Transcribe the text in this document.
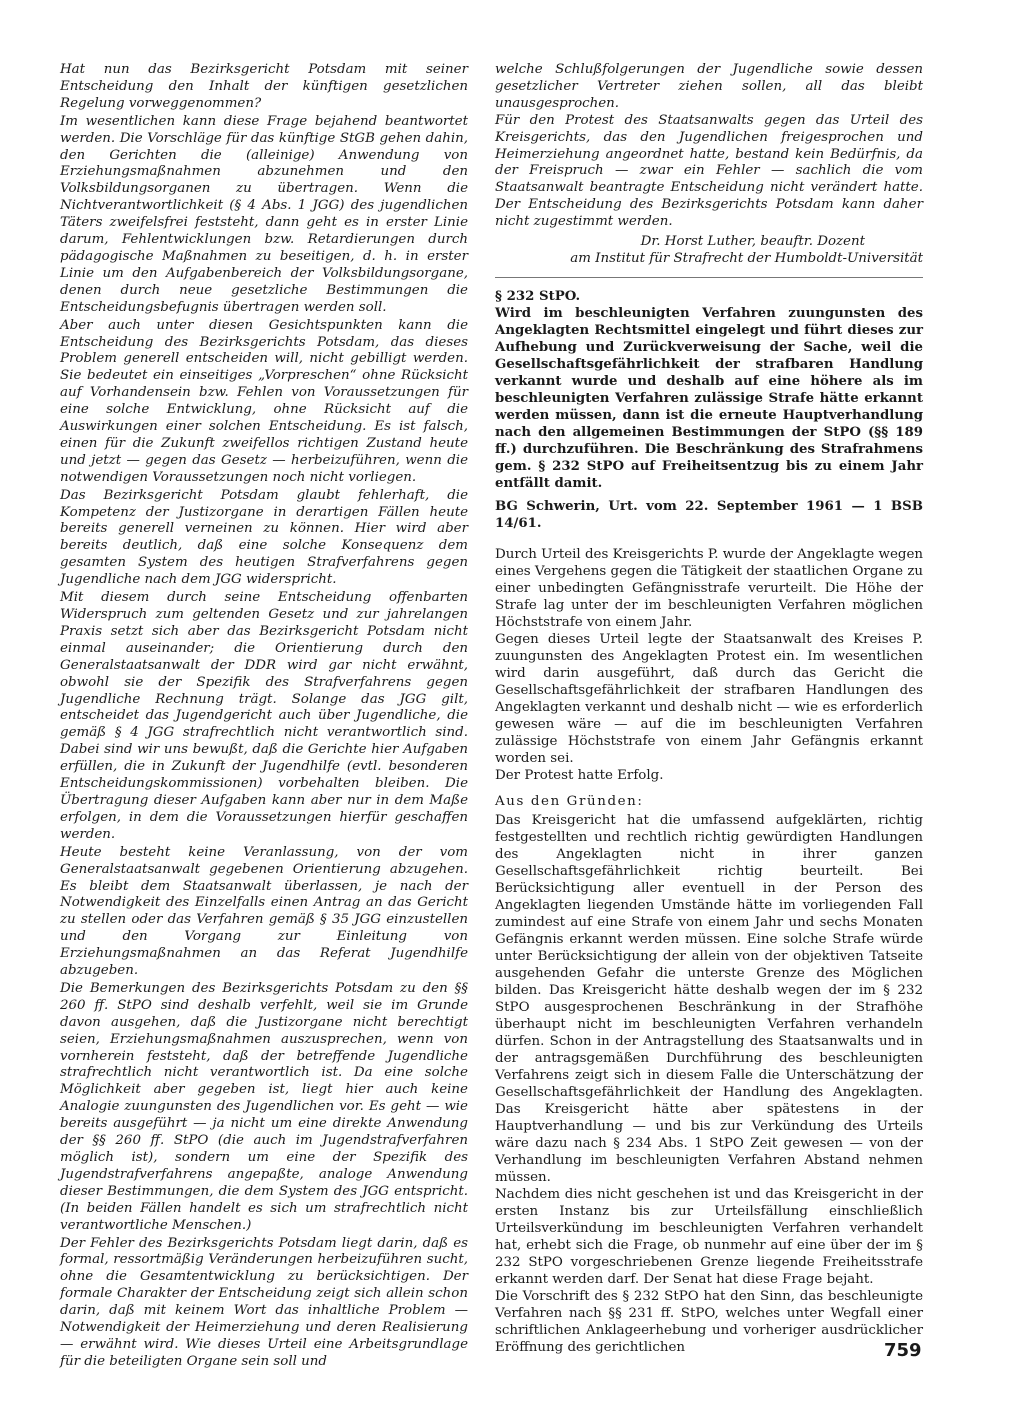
Hat nun das Bezirksgericht Potsdam mit seiner Entscheidung den Inhalt der künftigen gesetzlichen Regelung vorweggenommen?

Im wesentlichen kann diese Frage bejahend beantwortet werden. Die Vorschläge für das künftige StGB gehen dahin, den Gerichten die (alleinige) Anwendung von Erziehungsmaßnahmen abzunehmen und den Volksbildungsorganen zu übertragen. Wenn die Nichtverantwortlichkeit (§ 4 Abs. 1 JGG) des jugendlichen Täters zweifelsfrei feststeht, dann geht es in erster Linie darum, Fehlentwicklungen bzw. Retardierungen durch pädagogische Maßnahmen zu beseitigen, d. h. in erster Linie um den Aufgabenbereich der Volksbildungsorgane, denen durch neue gesetzliche Bestimmungen die Entscheidungsbefugnis übertragen werden soll.

Aber auch unter diesen Gesichtspunkten kann die Entscheidung des Bezirksgerichts Potsdam, das dieses Problem generell entscheiden will, nicht gebilligt werden. Sie bedeutet ein einseitiges „Vorpreschen“ ohne Rücksicht auf Vorhandensein bzw. Fehlen von Voraussetzungen für eine solche Entwicklung, ohne Rücksicht auf die Auswirkungen einer solchen Entscheidung. Es ist falsch, einen für die Zukunft zweifellos richtigen Zustand heute und jetzt — gegen das Gesetz — herbeizuführen, wenn die notwendigen Voraussetzungen noch nicht vorliegen.

Das Bezirksgericht Potsdam glaubt fehlerhaft, die Kompetenz der Justizorgane in derartigen Fällen heute bereits generell verneinen zu können. Hier wird aber bereits deutlich, daß eine solche Konsequenz dem gesamten System des heutigen Strafverfahrens gegen Jugendliche nach dem JGG widerspricht.

Mit diesem durch seine Entscheidung offenbarten Widerspruch zum geltenden Gesetz und zur jahrelangen Praxis setzt sich aber das Bezirksgericht Potsdam nicht einmal auseinander; die Orientierung durch den Generalstaatsanwalt der DDR wird gar nicht erwähnt, obwohl sie der Spezifik des Strafverfahrens gegen Jugendliche Rechnung trägt. Solange das JGG gilt, entscheidet das Jugendgericht auch über Jugendliche, die gemäß § 4 JGG strafrechtlich nicht verantwortlich sind. Dabei sind wir uns bewußt, daß die Gerichte hier Aufgaben erfüllen, die in Zukunft der Jugendhilfe (evtl. besonderen Entscheidungskommissionen) vorbehalten bleiben. Die Übertragung dieser Aufgaben kann aber nur in dem Maße erfolgen, in dem die Voraussetzungen hierfür geschaffen werden.

Heute besteht keine Veranlassung, von der vom Generalstaatsanwalt gegebenen Orientierung abzugehen. Es bleibt dem Staatsanwalt überlassen, je nach der Notwendigkeit des Einzelfalls einen Antrag an das Gericht zu stellen oder das Verfahren gemäß § 35 JGG einzustellen und den Vorgang zur Einleitung von Erziehungsmaßnahmen an das Referat Jugendhilfe abzugeben.

Die Bemerkungen des Bezirksgerichts Potsdam zu den §§ 260 ff. StPO sind deshalb verfehlt, weil sie im Grunde davon ausgehen, daß die Justizorgane nicht berechtigt seien, Erziehungsmaßnahmen auszusprechen, wenn von vornherein feststeht, daß der betreffende Jugendliche strafrechtlich nicht verantwortlich ist. Da eine solche Möglichkeit aber gegeben ist, liegt hier auch keine Analogie zuungunsten des Jugendlichen vor. Es geht — wie bereits ausgeführt — ja nicht um eine direkte Anwendung der §§ 260 ff. StPO (die auch im Jugendstrafverfahren möglich ist), sondern um eine der Spezifik des Jugendstrafverfahrens angepaßte, analoge Anwendung dieser Bestimmungen, die dem System des JGG entspricht. (In beiden Fällen handelt es sich um strafrechtlich nicht verantwortliche Menschen.)

Der Fehler des Bezirksgerichts Potsdam liegt darin, daß es formal, ressortmäßig Veränderungen herbeizuführen sucht, ohne die Gesamtentwicklung zu berücksichtigen. Der formale Charakter der Entscheidung zeigt sich allein schon darin, daß mit keinem Wort das inhaltliche Problem — Notwendigkeit der Heimerziehung und deren Realisierung — erwähnt wird. Wie dieses Urteil eine Arbeitsgrundlage für die beteiligten Organe sein soll und

welche Schlußfolgerungen der Jugendliche sowie dessen gesetzlicher Vertreter ziehen sollen, all das bleibt unausgesprochen.

Für den Protest des Staatsanwalts gegen das Urteil des Kreisgerichts, das den Jugendlichen freigesprochen und Heimerziehung angeordnet hatte, bestand kein Bedürfnis, da der Freispruch — zwar ein Fehler — sachlich die vom Staatsanwalt beantragte Entscheidung nicht verändert hatte. Der Entscheidung des Bezirksgerichts Potsdam kann daher nicht zugestimmt werden.

Dr. Horst Luther, beauftr. Dozent
am Institut für Strafrecht der Humboldt-Universität

§ 232 StPO.

Wird im beschleunigten Verfahren zuungunsten des Angeklagten Rechtsmittel eingelegt und führt dieses zur Aufhebung und Zurückverweisung der Sache, weil die Gesellschaftsgefährlichkeit der strafbaren Handlung verkannt wurde und deshalb auf eine höhere als im beschleunigten Verfahren zulässige Strafe hätte erkannt werden müssen, dann ist die erneute Hauptverhandlung nach den allgemeinen Bestimmungen der StPO (§§ 189 ff.) durchzuführen. Die Beschränkung des Strafrahmens gem. § 232 StPO auf Freiheitsentzug bis zu einem Jahr entfällt damit.

BG Schwerin, Urt. vom 22. September 1961 — 1 BSB 14/61.

Durch Urteil des Kreisgerichts P. wurde der Angeklagte wegen eines Vergehens gegen die Tätigkeit der staatlichen Organe zu einer unbedingten Gefängnisstrafe verurteilt. Die Höhe der Strafe lag unter der im beschleunigten Verfahren möglichen Höchststrafe von einem Jahr.

Gegen dieses Urteil legte der Staatsanwalt des Kreises P. zuungunsten des Angeklagten Protest ein. Im wesentlichen wird darin ausgeführt, daß durch das Gericht die Gesellschaftsgefährlichkeit der strafbaren Handlungen des Angeklagten verkannt und deshalb nicht — wie es erforderlich gewesen wäre — auf die im beschleunigten Verfahren zulässige Höchststrafe von einem Jahr Gefängnis erkannt worden sei.

Der Protest hatte Erfolg.

Aus den Gründen:

Das Kreisgericht hat die umfassend aufgeklärten, richtig festgestellten und rechtlich richtig gewürdigten Handlungen des Angeklagten nicht in ihrer ganzen Gesellschaftsgefährlichkeit richtig beurteilt. Bei Berücksichtigung aller eventuell in der Person des Angeklagten liegenden Umstände hätte im vorliegenden Fall zumindest auf eine Strafe von einem Jahr und sechs Monaten Gefängnis erkannt werden müssen. Eine solche Strafe würde unter Berücksichtigung der allein von der objektiven Tatseite ausgehenden Gefahr die unterste Grenze des Möglichen bilden. Das Kreisgericht hätte deshalb wegen der im § 232 StPO ausgesprochenen Beschränkung in der Strafhöhe überhaupt nicht im beschleunigten Verfahren verhandeln dürfen. Schon in der Antragstellung des Staatsanwalts und in der antragsgemäßen Durchführung des beschleunigten Verfahrens zeigt sich in diesem Falle die Unterschätzung der Gesellschaftsgefährlichkeit der Handlung des Angeklagten. Das Kreisgericht hätte aber spätestens in der Hauptverhandlung — und bis zur Verkündung des Urteils wäre dazu nach § 234 Abs. 1 StPO Zeit gewesen — von der Verhandlung im beschleunigten Verfahren Abstand nehmen müssen.

Nachdem dies nicht geschehen ist und das Kreisgericht in der ersten Instanz bis zur Urteilsfällung einschließlich Urteilsverkündung im beschleunigten Verfahren verhandelt hat, erhebt sich die Frage, ob nunmehr auf eine über der im § 232 StPO vorgeschriebenen Grenze liegende Freiheitsstrafe erkannt werden darf. Der Senat hat diese Frage bejaht.

Die Vorschrift des § 232 StPO hat den Sinn, das beschleunigte Verfahren nach §§ 231 ff. StPO, welches unter Wegfall einer schriftlichen Anklageerhebung und vorheriger ausdrücklicher Eröffnung des gerichtlichen	759
